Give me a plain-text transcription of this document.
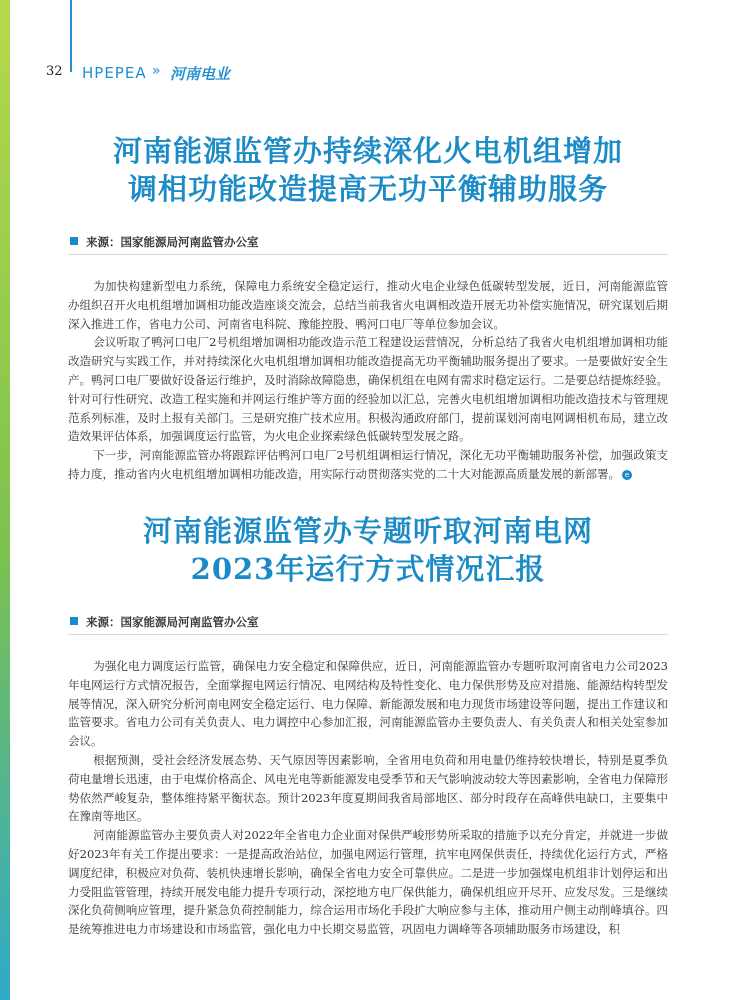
32 HPEPEA » 河南电业
河南能源监管办持续深化火电机组增加
调相功能改造提高无功平衡辅助服务
来源：国家能源局河南监管办公室

为加快构建新型电力系统，保障电力系统安全稳定运行，推动火电企业绿色低碳转型发展，近日，河南能源监管办组织召开火电机组增加调相功能改造座谈交流会，总结当前我省火电调相改造开展无功补偿实施情况，研究谋划后期深入推进工作，省电力公司、河南省电科院、豫能控股、鸭河口电厂等单位参加会议。

会议听取了鸭河口电厂2号机组增加调相功能改造示范工程建设运营情况，分析总结了我省火电机组增加调相功能改造研究与实践工作，并对持续深化火电机组增加调相功能改造提高无功平衡辅助服务提出了要求。一是要做好安全生产。鸭河口电厂要做好设备运行维护，及时消除故障隐患，确保机组在电网有需求时稳定运行。二是要总结提炼经验。针对可行性研究、改造工程实施和并网运行维护等方面的经验加以汇总，完善火电机组增加调相功能改造技术与管理规范系列标准，及时上报有关部门。三是研究推广技术应用。积极沟通政府部门，提前谋划河南电网调相机布局，建立改造效果评估体系，加强调度运行监管，为火电企业探索绿色低碳转型发展之路。

下一步，河南能源监管办将跟踪评估鸭河口电厂2号机组调相运行情况，深化无功平衡辅助服务补偿，加强政策支持力度，推动省内火电机组增加调相功能改造，用实际行动贯彻落实党的二十大对能源高质量发展的新部署。 e

河南能源监管办专题听取河南电网
2023年运行方式情况汇报
来源：国家能源局河南监管办公室

为强化电力调度运行监管，确保电力安全稳定和保障供应，近日，河南能源监管办专题听取河南省电力公司2023年电网运行方式情况报告，全面掌握电网运行情况、电网结构及特性变化、电力保供形势及应对措施、能源结构转型发展等情况，深入研究分析河南电网安全稳定运行、电力保障、新能源发展和电力现货市场建设等问题，提出工作建议和监管要求。省电力公司有关负责人、电力调控中心参加汇报，河南能源监管办主要负责人、有关负责人和相关处室参加会议。

根据预测，受社会经济发展态势、天气原因等因素影响，全省用电负荷和用电量仍维持较快增长，特别是夏季负荷电量增长迅速，由于电煤价格高企、风电光电等新能源发电受季节和天气影响波动较大等因素影响，全省电力保障形势依然严峻复杂，整体维持紧平衡状态。预计2023年度夏期间我省局部地区、部分时段存在高峰供电缺口，主要集中在豫南等地区。

河南能源监管办主要负责人对2022年全省电力企业面对保供严峻形势所采取的措施予以充分肯定，并就进一步做好2023年有关工作提出要求：一是提高政治站位，加强电网运行管理，抗牢电网保供责任，持续优化运行方式，严格调度纪律，积极应对负荷、装机快速增长影响，确保全省电力安全可靠供应。二是进一步加强煤电机组非计划停运和出力受阻监管管理，持续开展发电能力提升专项行动，深挖地方电厂保供能力，确保机组应开尽开、应发尽发。三是继续深化负荷侧响应管理，提升紧急负荷控制能力，综合运用市场化手段扩大响应参与主体，推动用户侧主动削峰填谷。四是统筹推进电力市场建设和市场监管，强化电力中长期交易监管，巩固电力调峰等各项辅助服务市场建设，积
